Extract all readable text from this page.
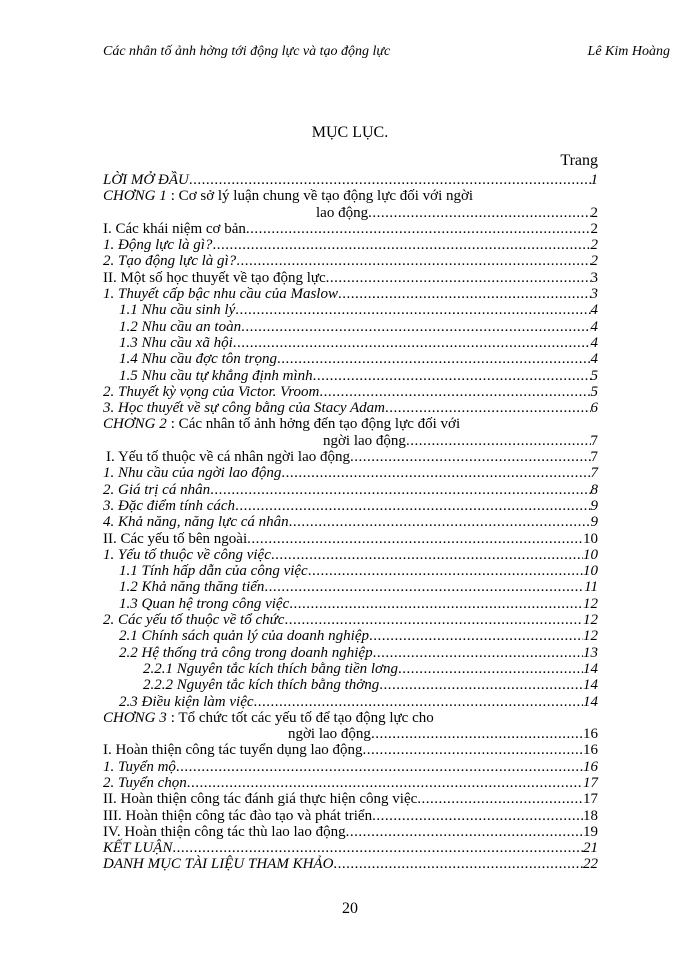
Các nhân tố ảnh hởng tới động lực và tạo động lực	Lê Kim Hoàng
MỤC LỤC.
Trang
LỜI MỞ ĐẦU .....	1
CHƠNG 1 : Cơ sở lý luận chung về tạo động lực đối với ngời
lao động .....	2
I. Các khái niệm cơ bản .....	2
1. Động lực là gì? .....	2
2. Tạo động lực là gì? .....	2
II. Một số học thuyết về tạo động lực .....	3
1. Thuyết cấp bậc nhu cầu của Maslow .....	3
1.1 Nhu cầu sinh lý .....	4
1.2 Nhu cầu an toàn .....	4
1.3 Nhu cầu xã hội .....	4
1.4 Nhu cầu đợc tôn trọng .....	4
1.5 Nhu cầu tự khẳng định mình .....	5
2. Thuyết kỳ vọng của Victor. Vroom .....	5
3. Học thuyết về sự công bằng của Stacy Adam .....	6
CHƠNG 2 : Các nhân tố ảnh hởng đến tạo động lực đối với
ngời lao động .....	7
I. Yếu tố thuộc về cá nhân ngời lao động .....	7
1. Nhu cầu của ngời lao động .....	7
2. Giá trị cá nhân .....	8
3. Đặc điểm tính cách .....	9
4. Khả năng, năng lực cá nhân .....	9
II. Các yếu tố bên ngoài .....	10
1. Yếu tố thuộc về công việc .....	10
1.1 Tính hấp dẫn của công việc .....	10
1.2 Khả năng thăng tiến .....	11
1.3 Quan hệ trong công việc .....	12
2. Các yếu tố thuộc về tổ chức .....	12
2.1 Chính sách quản lý của doanh nghiệp .....	12
2.2 Hệ thống trả công trong doanh nghiệp .....	13
2.2.1 Nguyên tắc kích thích bằng tiền lơng .....	14
2.2.2 Nguyên tắc kích thích bằng thởng .....	14
2.3 Điều kiện làm việc .....	14
CHƠNG 3 : Tổ chức tốt các yếu tố để tạo động lực cho
ngời lao động .....	16
I. Hoàn thiện công tác tuyển dụng lao động .....	16
1. Tuyển mộ .....	16
2. Tuyển chọn .....	17
II. Hoàn thiện công tác đánh giá thực hiện công việc .....	17
III. Hoàn thiện công tác đào tạo và phát triển .....	18
IV. Hoàn thiện công tác thù lao lao động .....	19
KẾT LUẬN .....	21
DANH MỤC TÀI LIỆU THAM KHẢO .....	22
20
